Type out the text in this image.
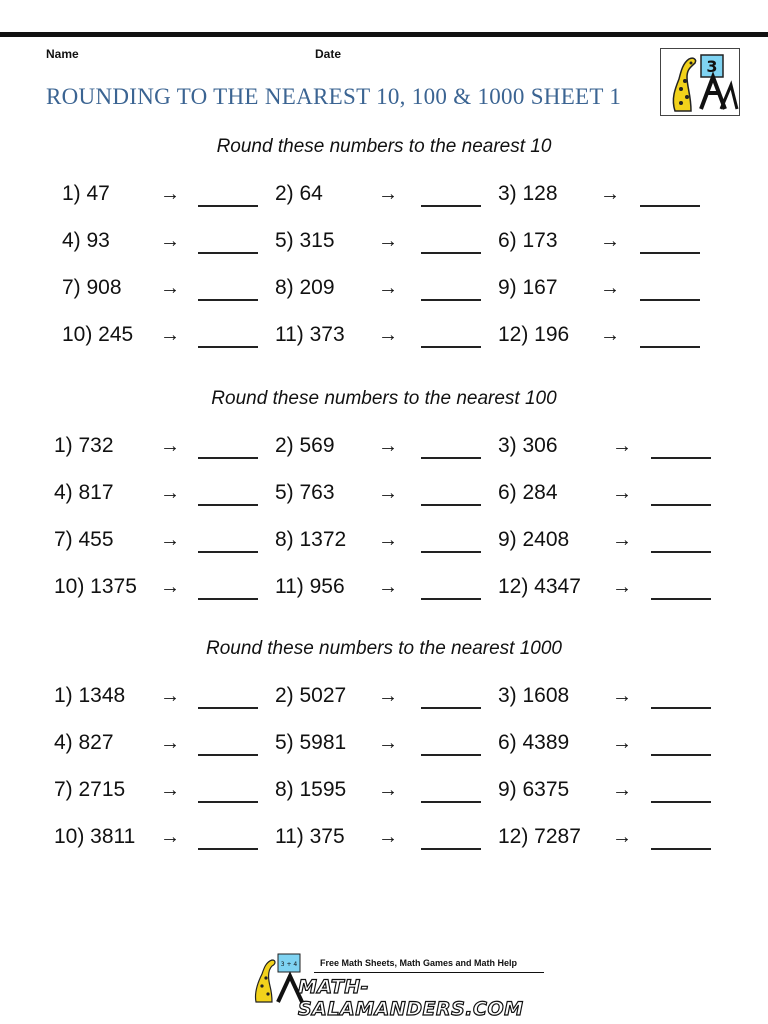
Name	Date
ROUNDING TO THE NEAREST 10, 100 & 1000 SHEET 1
3
Round these numbers to the nearest 10
1) 47	→	2) 64	→	3) 128 →
4) 93	→	5) 315 →	6) 173 →
7) 908 →	8) 209 →	9) 167 →
10) 245 →	11) 373 →	12) 196 →
Round these numbers to the nearest 100
1) 732 →	2) 569 →	3) 306	→
4) 817 →	5) 763 →	6) 284	→
7) 455 →	8) 1372 →	9) 2408 →
10) 1375 →	11) 956 →	12) 4347 →
Round these numbers to the nearest 1000
1) 1348 →	2) 5027 →	3) 1608 →
4) 827 →	5) 5981 →	6) 4389 →
7) 2715 →	8) 1595 →	9) 6375 →
10) 3811 →	11) 375 →	12) 7287 →
3 + 4	Free Math Sheets, Math Games and Math Help
MATH-SALAMANDERS.COM
